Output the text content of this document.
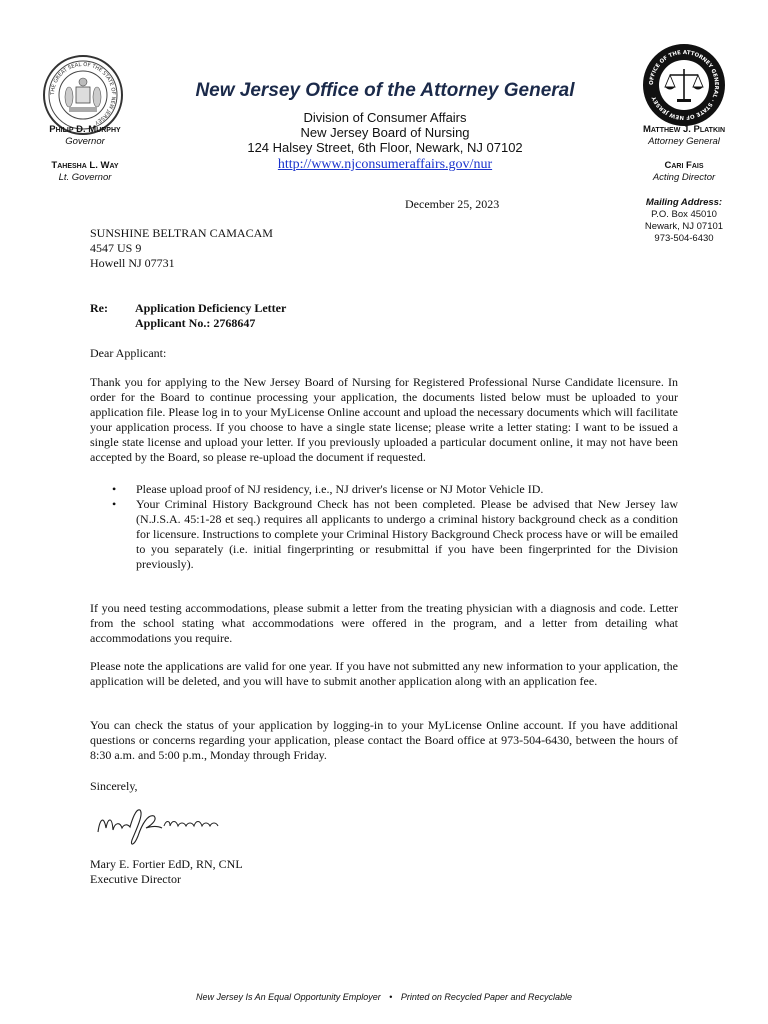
THE GREAT SEAL OF THE STATE OF NEW JERSEY
OFFICE OF THE ATTORNEY GENERAL · STATE OF NEW JERSEY
Philip D. Murphy
Governor
Tahesha L. Way
Lt. Governor
Matthew J. Platkin
Attorney General
Cari Fais
Acting Director
Mailing Address:
P.O. Box 45010
Newark, NJ 07101
973-504-6430
New Jersey Office of the Attorney General
Division of Consumer Affairs
New Jersey Board of Nursing
124 Halsey Street, 6th Floor, Newark, NJ 07102
http://www.njconsumeraffairs.gov/nur
December 25, 2023
SUNSHINE BELTRAN CAMACAM
4547 US 9
Howell NJ 07731
Re: Application Deficiency Letter
Applicant No.: 2768647
Dear Applicant:

Thank you for applying to the New Jersey Board of Nursing for Registered Professional Nurse Candidate licensure. In order for the Board to continue processing your application, the documents listed below must be uploaded to your application file. Please log in to your MyLicense Online account and upload the necessary documents which will facilitate your application process. If you choose to have a single state license; please write a letter stating: I want to be issued a single state license and upload your letter. If you previously uploaded a particular document online, it may not have been accepted by the Board, so please re-upload the document if requested.

• Please upload proof of NJ residency, i.e., NJ driver's license or NJ Motor Vehicle ID.
• Your Criminal History Background Check has not been completed. Please be advised that New Jersey law (N.J.S.A. 45:1-28 et seq.) requires all applicants to undergo a criminal history background check as a condition for licensure. Instructions to complete your Criminal History Background Check process have or will be emailed to you separately (i.e. initial fingerprinting or resubmittal if you have been fingerprinted for the Division previously).

If you need testing accommodations, please submit a letter from the treating physician with a diagnosis and code. Letter from the school stating what accommodations were offered in the program, and a letter from detailing what accommodations you require.

Please note the applications are valid for one year. If you have not submitted any new information to your application, the application will be deleted, and you will have to submit another application along with an application fee.

You can check the status of your application by logging-in to your MyLicense Online account. If you have additional questions or concerns regarding your application, please contact the Board office at 973-504-6430, between the hours of 8:30 a.m. and 5:00 p.m., Monday through Friday.

Sincerely,
Mary E. Fortier EdD, RN, CNL
Executive Director
New Jersey Is An Equal Opportunity Employer • Printed on Recycled Paper and Recyclable
